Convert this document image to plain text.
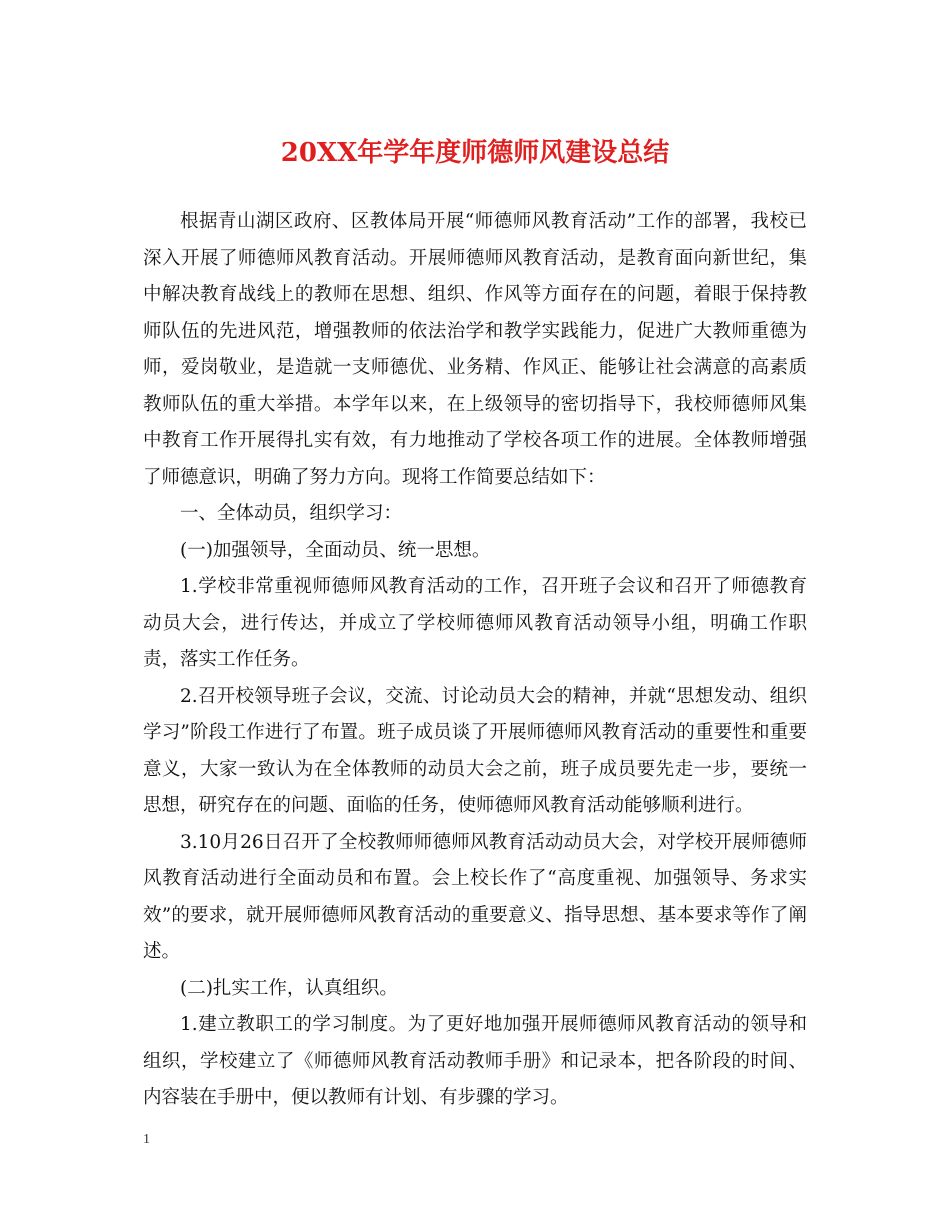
20XX年学年度师德师风建设总结

根据青山湖区政府、区教体局开展“师德师风教育活动”工作的部署，我校已深入开展了师德师风教育活动。开展师德师风教育活动，是教育面向新世纪，集中解决教育战线上的教师在思想、组织、作风等方面存在的问题，着眼于保持教师队伍的先进风范，增强教师的依法治学和教学实践能力，促进广大教师重德为师，爱岗敬业，是造就一支师德优、业务精、作风正、能够让社会满意的高素质教师队伍的重大举措。本学年以来，在上级领导的密切指导下，我校师德师风集中教育工作开展得扎实有效，有力地推动了学校各项工作的进展。全体教师增强了师德意识，明确了努力方向。现将工作简要总结如下：

一、全体动员，组织学习：

(一)加强领导，全面动员、统一思想。

1.学校非常重视师德师风教育活动的工作，召开班子会议和召开了师德教育动员大会，进行传达，并成立了学校师德师风教育活动领导小组，明确工作职责，落实工作任务。

2.召开校领导班子会议，交流、讨论动员大会的精神，并就“思想发动、组织学习”阶段工作进行了布置。班子成员谈了开展师德师风教育活动的重要性和重要意义，大家一致认为在全体教师的动员大会之前，班子成员要先走一步，要统一思想，研究存在的问题、面临的任务，使师德师风教育活动能够顺利进行。

3.10月26日召开了全校教师师德师风教育活动动员大会，对学校开展师德师风教育活动进行全面动员和布置。会上校长作了“高度重视、加强领导、务求实效”的要求，就开展师德师风教育活动的重要意义、指导思想、基本要求等作了阐述。

(二)扎实工作，认真组织。

1.建立教职工的学习制度。为了更好地加强开展师德师风教育活动的领导和组织，学校建立了《师德师风教育活动教师手册》和记录本，把各阶段的时间、内容装在手册中，便以教师有计划、有步骤的学习。

1
